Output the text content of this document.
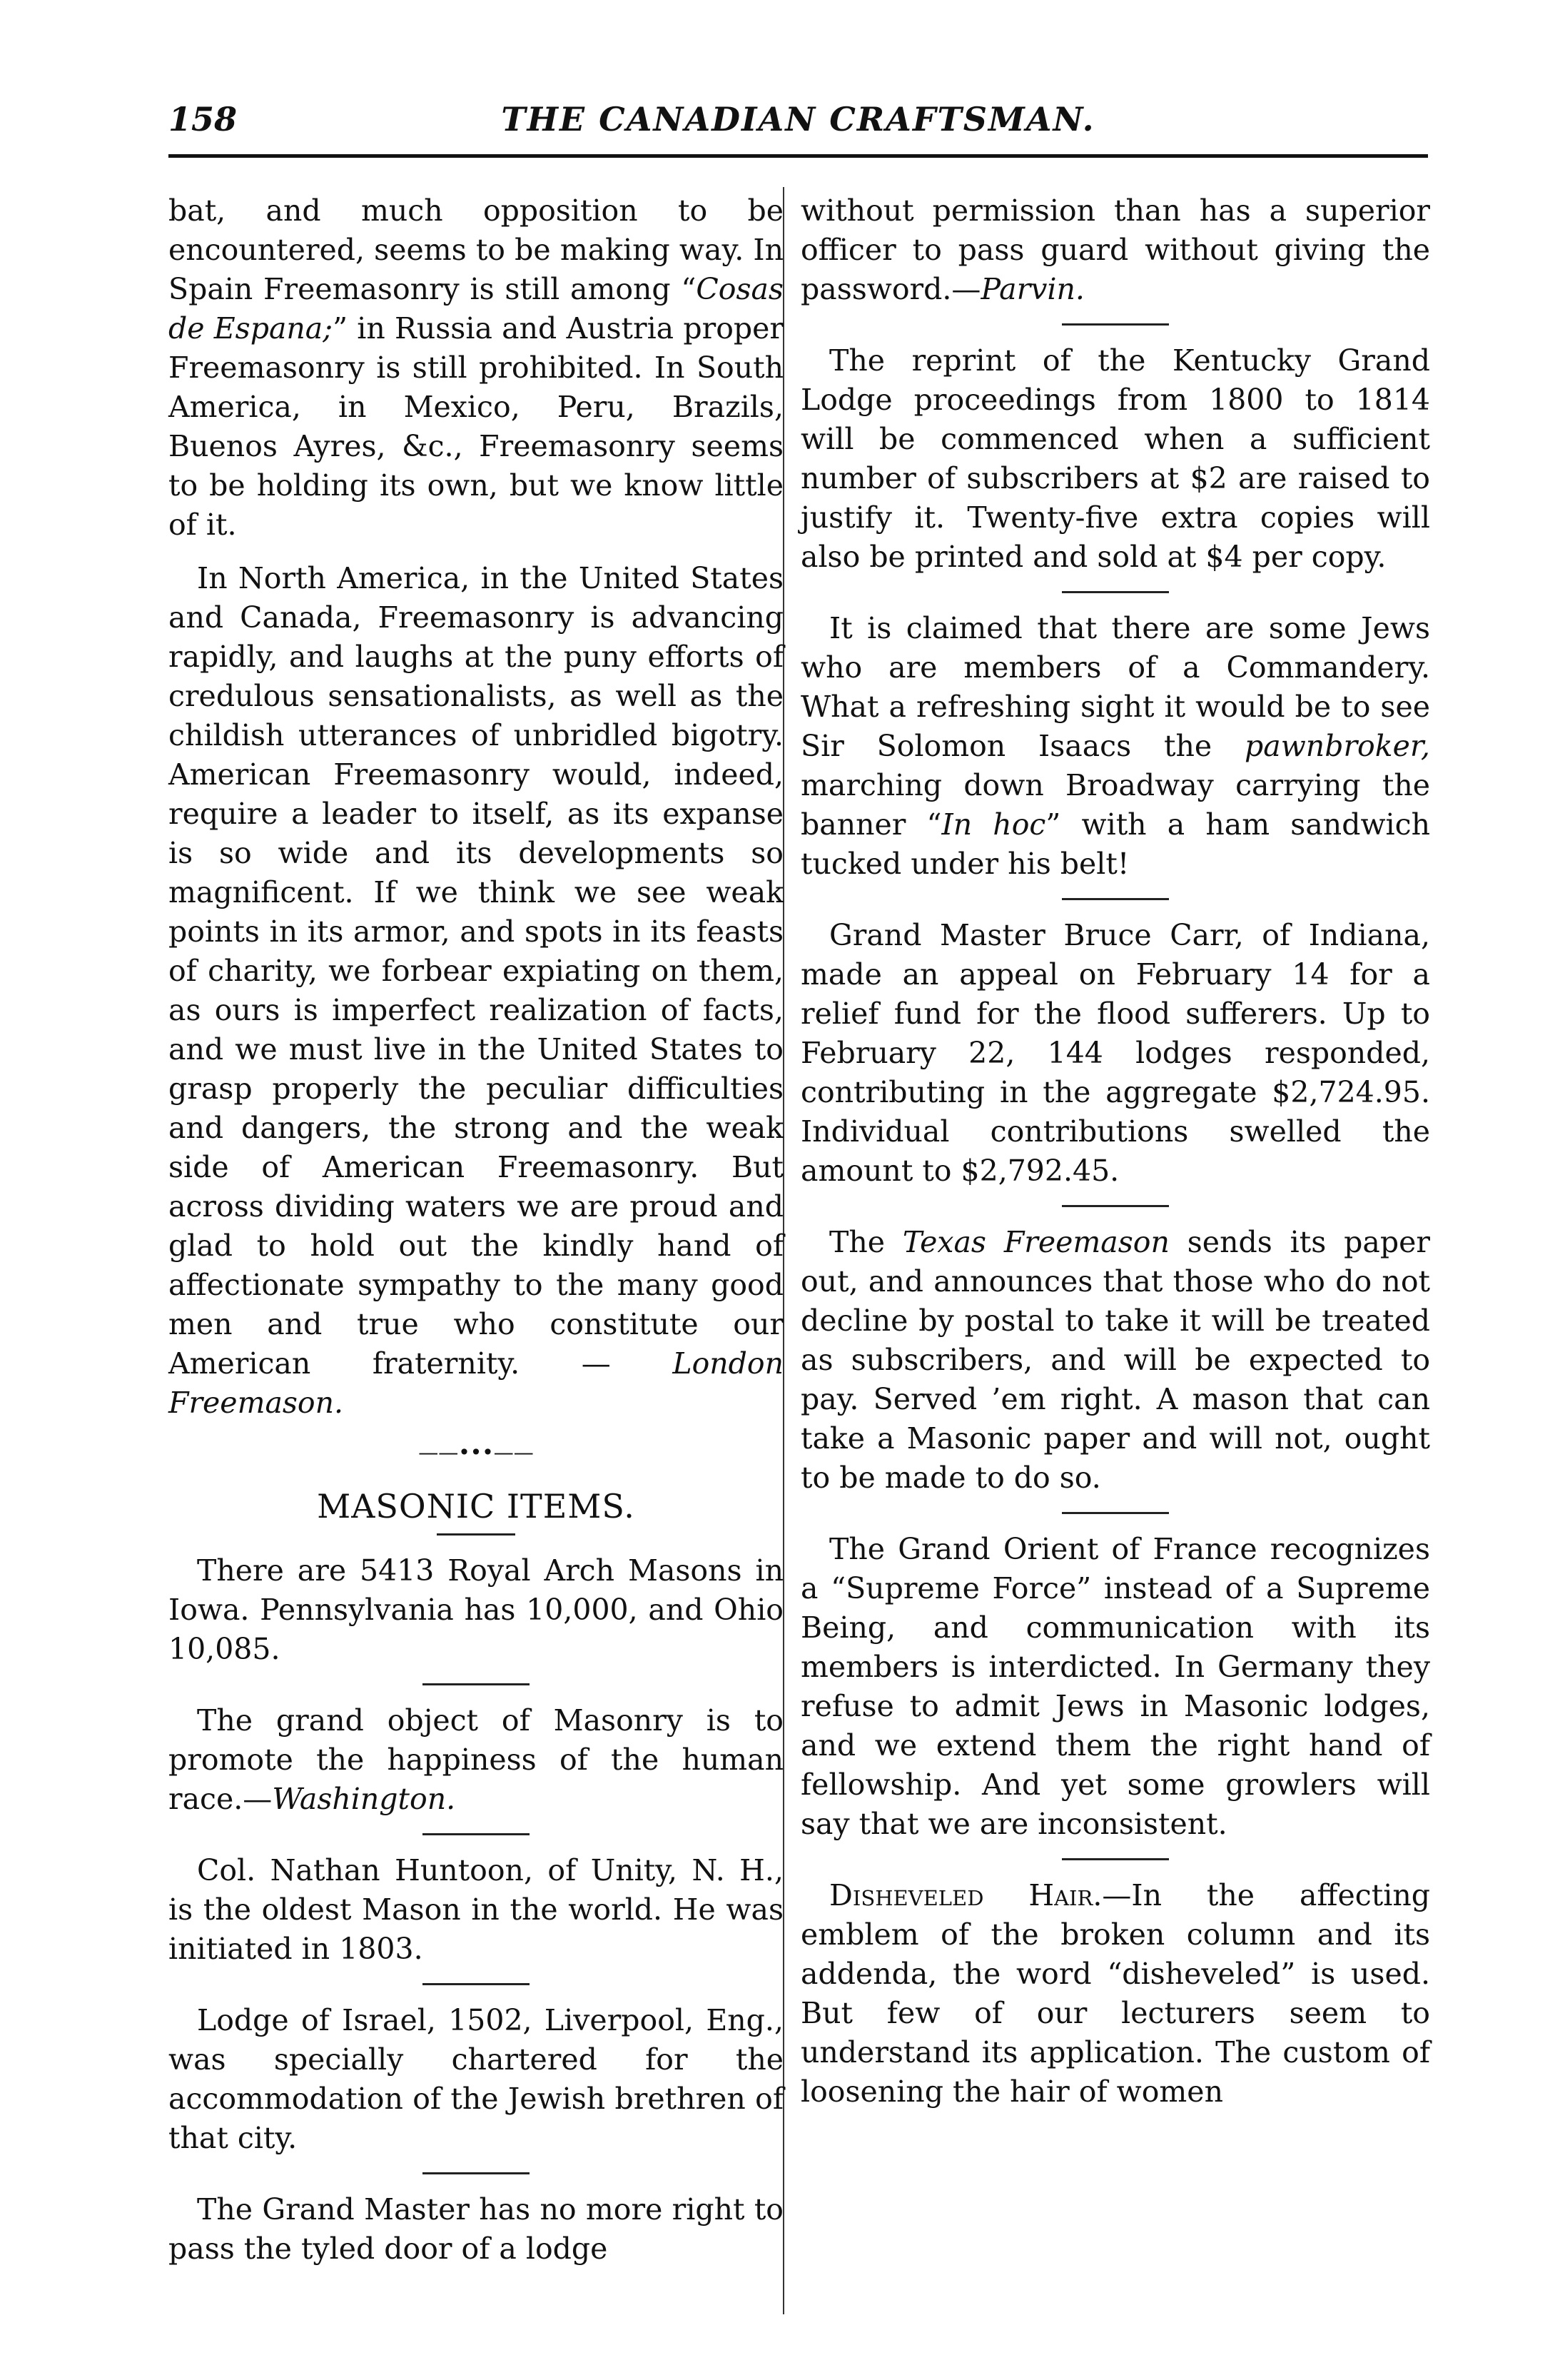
158	THE CANADIAN CRAFTSMAN.

bat, and much opposition to be encountered, seems to be making way. In Spain Freemasonry is still among “Cosas de Espana;” in Russia and Austria proper Freemasonry is still prohibited. In South America, in Mexico, Peru, Brazils, Buenos Ayres, &c., Freemasonry seems to be holding its own, but we know little of it.

In North America, in the United States and Canada, Freemasonry is advancing rapidly, and laughs at the puny efforts of credulous sensationalists, as well as the childish utterances of unbridled bigotry. American Freemasonry would, indeed, require a leader to itself, as its expanse is so wide and its developments so magnificent. If we think we see weak points in its armor, and spots in its feasts of charity, we forbear expiating on them, as ours is imperfect realization of facts, and we must live in the United States to grasp properly the peculiar difficulties and dangers, the strong and the weak side of American Freemasonry. But across dividing waters we are proud and glad to hold out the kindly hand of affectionate sympathy to the many good men and true who constitute our American fraternity. — London Freemason.

——•••——
MASONIC ITEMS.

There are 5413 Royal Arch Masons in Iowa. Pennsylvania has 10,000, and Ohio 10,085.

The grand object of Masonry is to promote the happiness of the human race.—Washington.

Col. Nathan Huntoon, of Unity, N. H., is the oldest Mason in the world. He was initiated in 1803.

Lodge of Israel, 1502, Liverpool, Eng., was specially chartered for the accommodation of the Jewish brethren of that city.

The Grand Master has no more right to pass the tyled door of a lodge

without permission than has a superior officer to pass guard without giving the password.—Parvin.

The reprint of the Kentucky Grand Lodge proceedings from 1800 to 1814 will be commenced when a sufficient number of subscribers at $2 are raised to justify it. Twenty-five extra copies will also be printed and sold at $4 per copy.

It is claimed that there are some Jews who are members of a Commandery. What a refreshing sight it would be to see Sir Solomon Isaacs the pawnbroker, marching down Broadway carrying the banner “In hoc” with a ham sandwich tucked under his belt!

Grand Master Bruce Carr, of Indiana, made an appeal on February 14 for a relief fund for the flood sufferers. Up to February 22, 144 lodges responded, contributing in the aggregate $2,724.95. Individual contributions swelled the amount to $2,792.45.

The Texas Freemason sends its paper out, and announces that those who do not decline by postal to take it will be treated as subscribers, and will be expected to pay. Served ’em right. A mason that can take a Masonic paper and will not, ought to be made to do so.

The Grand Orient of France recognizes a “Supreme Force” instead of a Supreme Being, and communication with its members is interdicted. In Germany they refuse to admit Jews in Masonic lodges, and we extend them the right hand of fellowship. And yet some growlers will say that we are inconsistent.

Disheveled Hair.—In the affecting emblem of the broken column and its addenda, the word “disheveled” is used. But few of our lecturers seem to understand its application. The custom of loosening the hair of women
